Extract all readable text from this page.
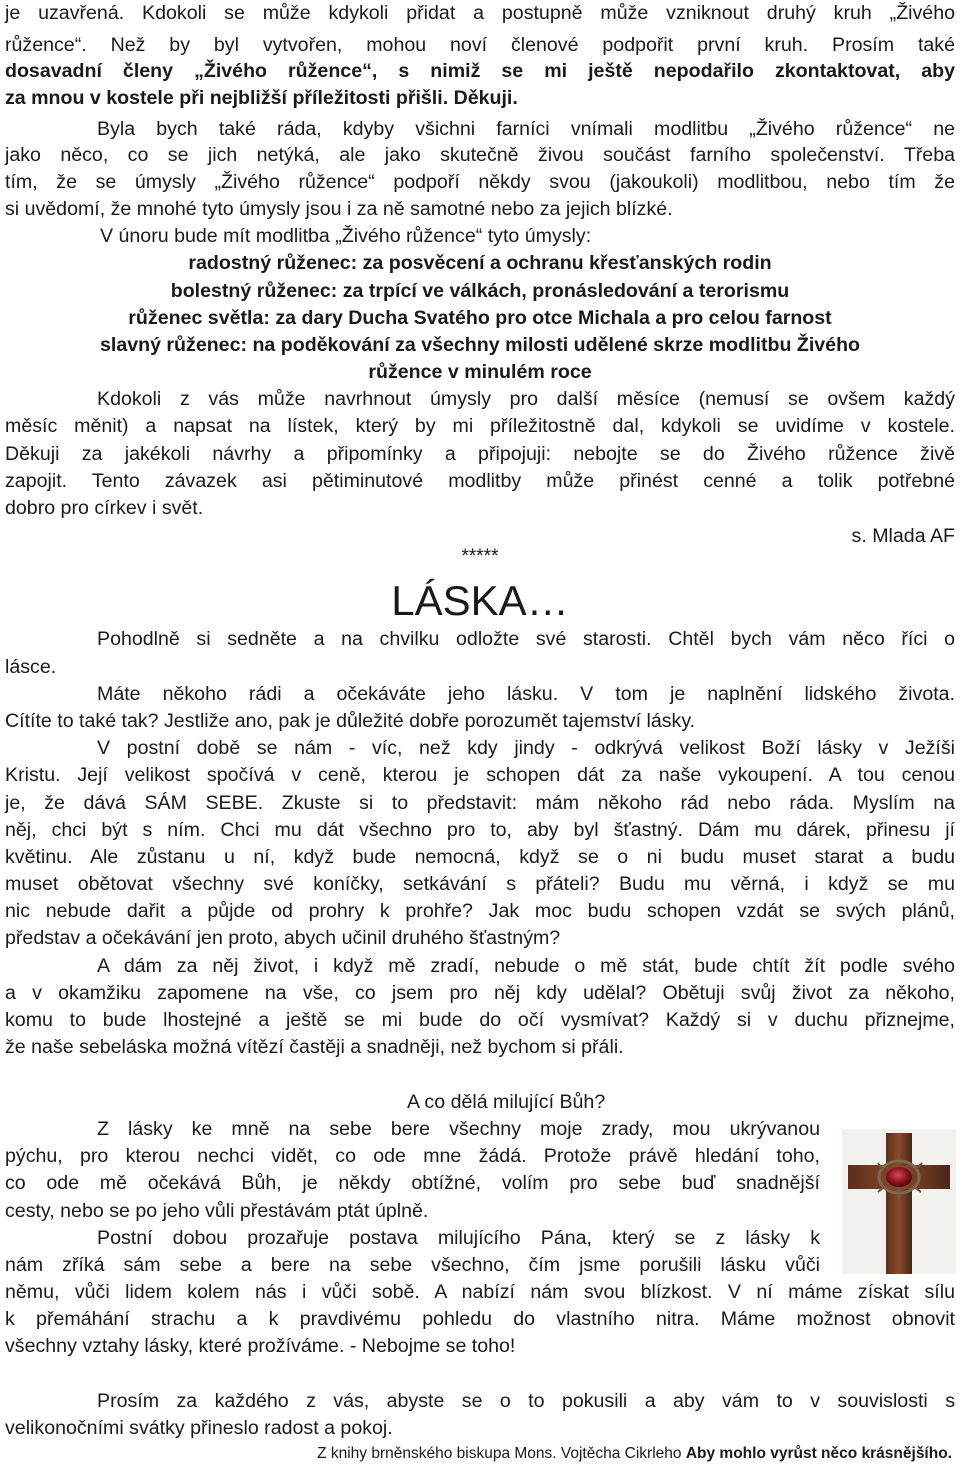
je uzavřená. Kdokoli se může kdykoli přidat a postupně může vzniknout druhý kruh „Živého
růžence“. Než by byl vytvořen, mohou noví členové podpořit první kruh. Prosím také
dosavadní členy „Živého růžence“, s nimiž se mi ještě nepodařilo zkontaktovat, aby
za mnou v kostele při nejbližší příležitosti přišli. Děkuji.
Byla bych také ráda, kdyby všichni farníci vnímali modlitbu „Živého růžence“ ne
jako něco, co se jich netýká, ale jako skutečně živou součást farního společenství. Třeba
tím, že se úmysly „Živého růžence“ podpoří někdy svou (jakoukoli) modlitbou, nebo tím že
si uvědomí, že mnohé tyto úmysly jsou i za ně samotné nebo za jejich blízké.
V únoru bude mít modlitba „Živého růžence“ tyto úmysly:
radostný růženec: za posvěcení a ochranu křesťanských rodin
bolestný růženec: za trpící ve válkách, pronásledování a terorismu
růženec světla: za dary Ducha Svatého pro otce Michala a pro celou farnost
slavný růženec: na poděkování za všechny milosti udělené skrze modlitbu Živého
růžence v minulém roce
Kdokoli z vás může navrhnout úmysly pro další měsíce (nemusí se ovšem každý
měsíc měnit) a napsat na lístek, který by mi příležitostně dal, kdykoli se uvidíme v kostele.
Děkuji za jakékoli návrhy a připomínky a připojuji: nebojte se do Živého růžence živě
zapojit. Tento závazek asi pětiminutové modlitby může přinést cenné a tolik potřebné
dobro pro církev i svět.
s. Mlada AF
Pohodlně si sedněte a na chvilku odložte své starosti. Chtěl bych vám něco říci o
lásce.
Máte někoho rádi a očekáváte jeho lásku. V tom je naplnění lidského života.
Cítíte to také tak? Jestliže ano, pak je důležité dobře porozumět tajemství lásky.
V postní době se nám - víc, než kdy jindy - odkrývá velikost Boží lásky v Ježíši
Kristu. Její velikost spočívá v ceně, kterou je schopen dát za naše vykoupení. A tou cenou
je, že dává SÁM SEBE. Zkuste si to představit: mám někoho rád nebo ráda. Myslím na
něj, chci být s ním. Chci mu dát všechno pro to, aby byl šťastný. Dám mu dárek, přinesu jí
květinu. Ale zůstanu u ní, když bude nemocná, když se o ni budu muset starat a budu
muset obětovat všechny své koníčky, setkávání s přáteli? Budu mu věrná, i když se mu
nic nebude dařit a půjde od prohry k prohře? Jak moc budu schopen vzdát se svých plánů,
představ a očekávání jen proto, abych učinil druhého šťastným?
A dám za něj život, i když mě zradí, nebude o mě stát, bude chtít žít podle svého
a v okamžiku zapomene na vše, co jsem pro něj kdy udělal? Obětuji svůj život za někoho,
komu to bude lhostejné a ještě se mi bude do očí vysmívat? Každý si v duchu přiznejme,
že naše sebeláska možná vítězí častěji a snadněji, než bychom si přáli.
A co dělá milující Bůh?
Z lásky ke mně na sebe bere všechny moje zrady, mou ukrývanou
pýchu, pro kterou nechci vidět, co ode mne žádá. Protože právě hledání toho,
co ode mě očekává Bůh, je někdy obtížné, volím pro sebe buď snadnější
cesty, nebo se po jeho vůli přestávám ptát úplně.
Postní dobou prozařuje postava milujícího Pána, který se z lásky k
nám zříká sám sebe a bere na sebe všechno, čím jsme porušili lásku vůči
němu, vůči lidem kolem nás i vůči sobě. A nabízí nám svou blízkost. V ní máme získat sílu
k přemáhání strachu a k pravdivému pohledu do vlastního nitra. Máme možnost obnovit
všechny vztahy lásky, které prožíváme. - Nebojme se toho!
Prosím za každého z vás, abyste se o to pokusili a aby vám to v souvislosti s
velikonočními svátky přineslo radost a pokoj.
*****
LÁSKA…
Z knihy brněnského biskupa Mons. Vojtěcha Cikrleho Aby mohlo vyrůst něco krásnějšího.
